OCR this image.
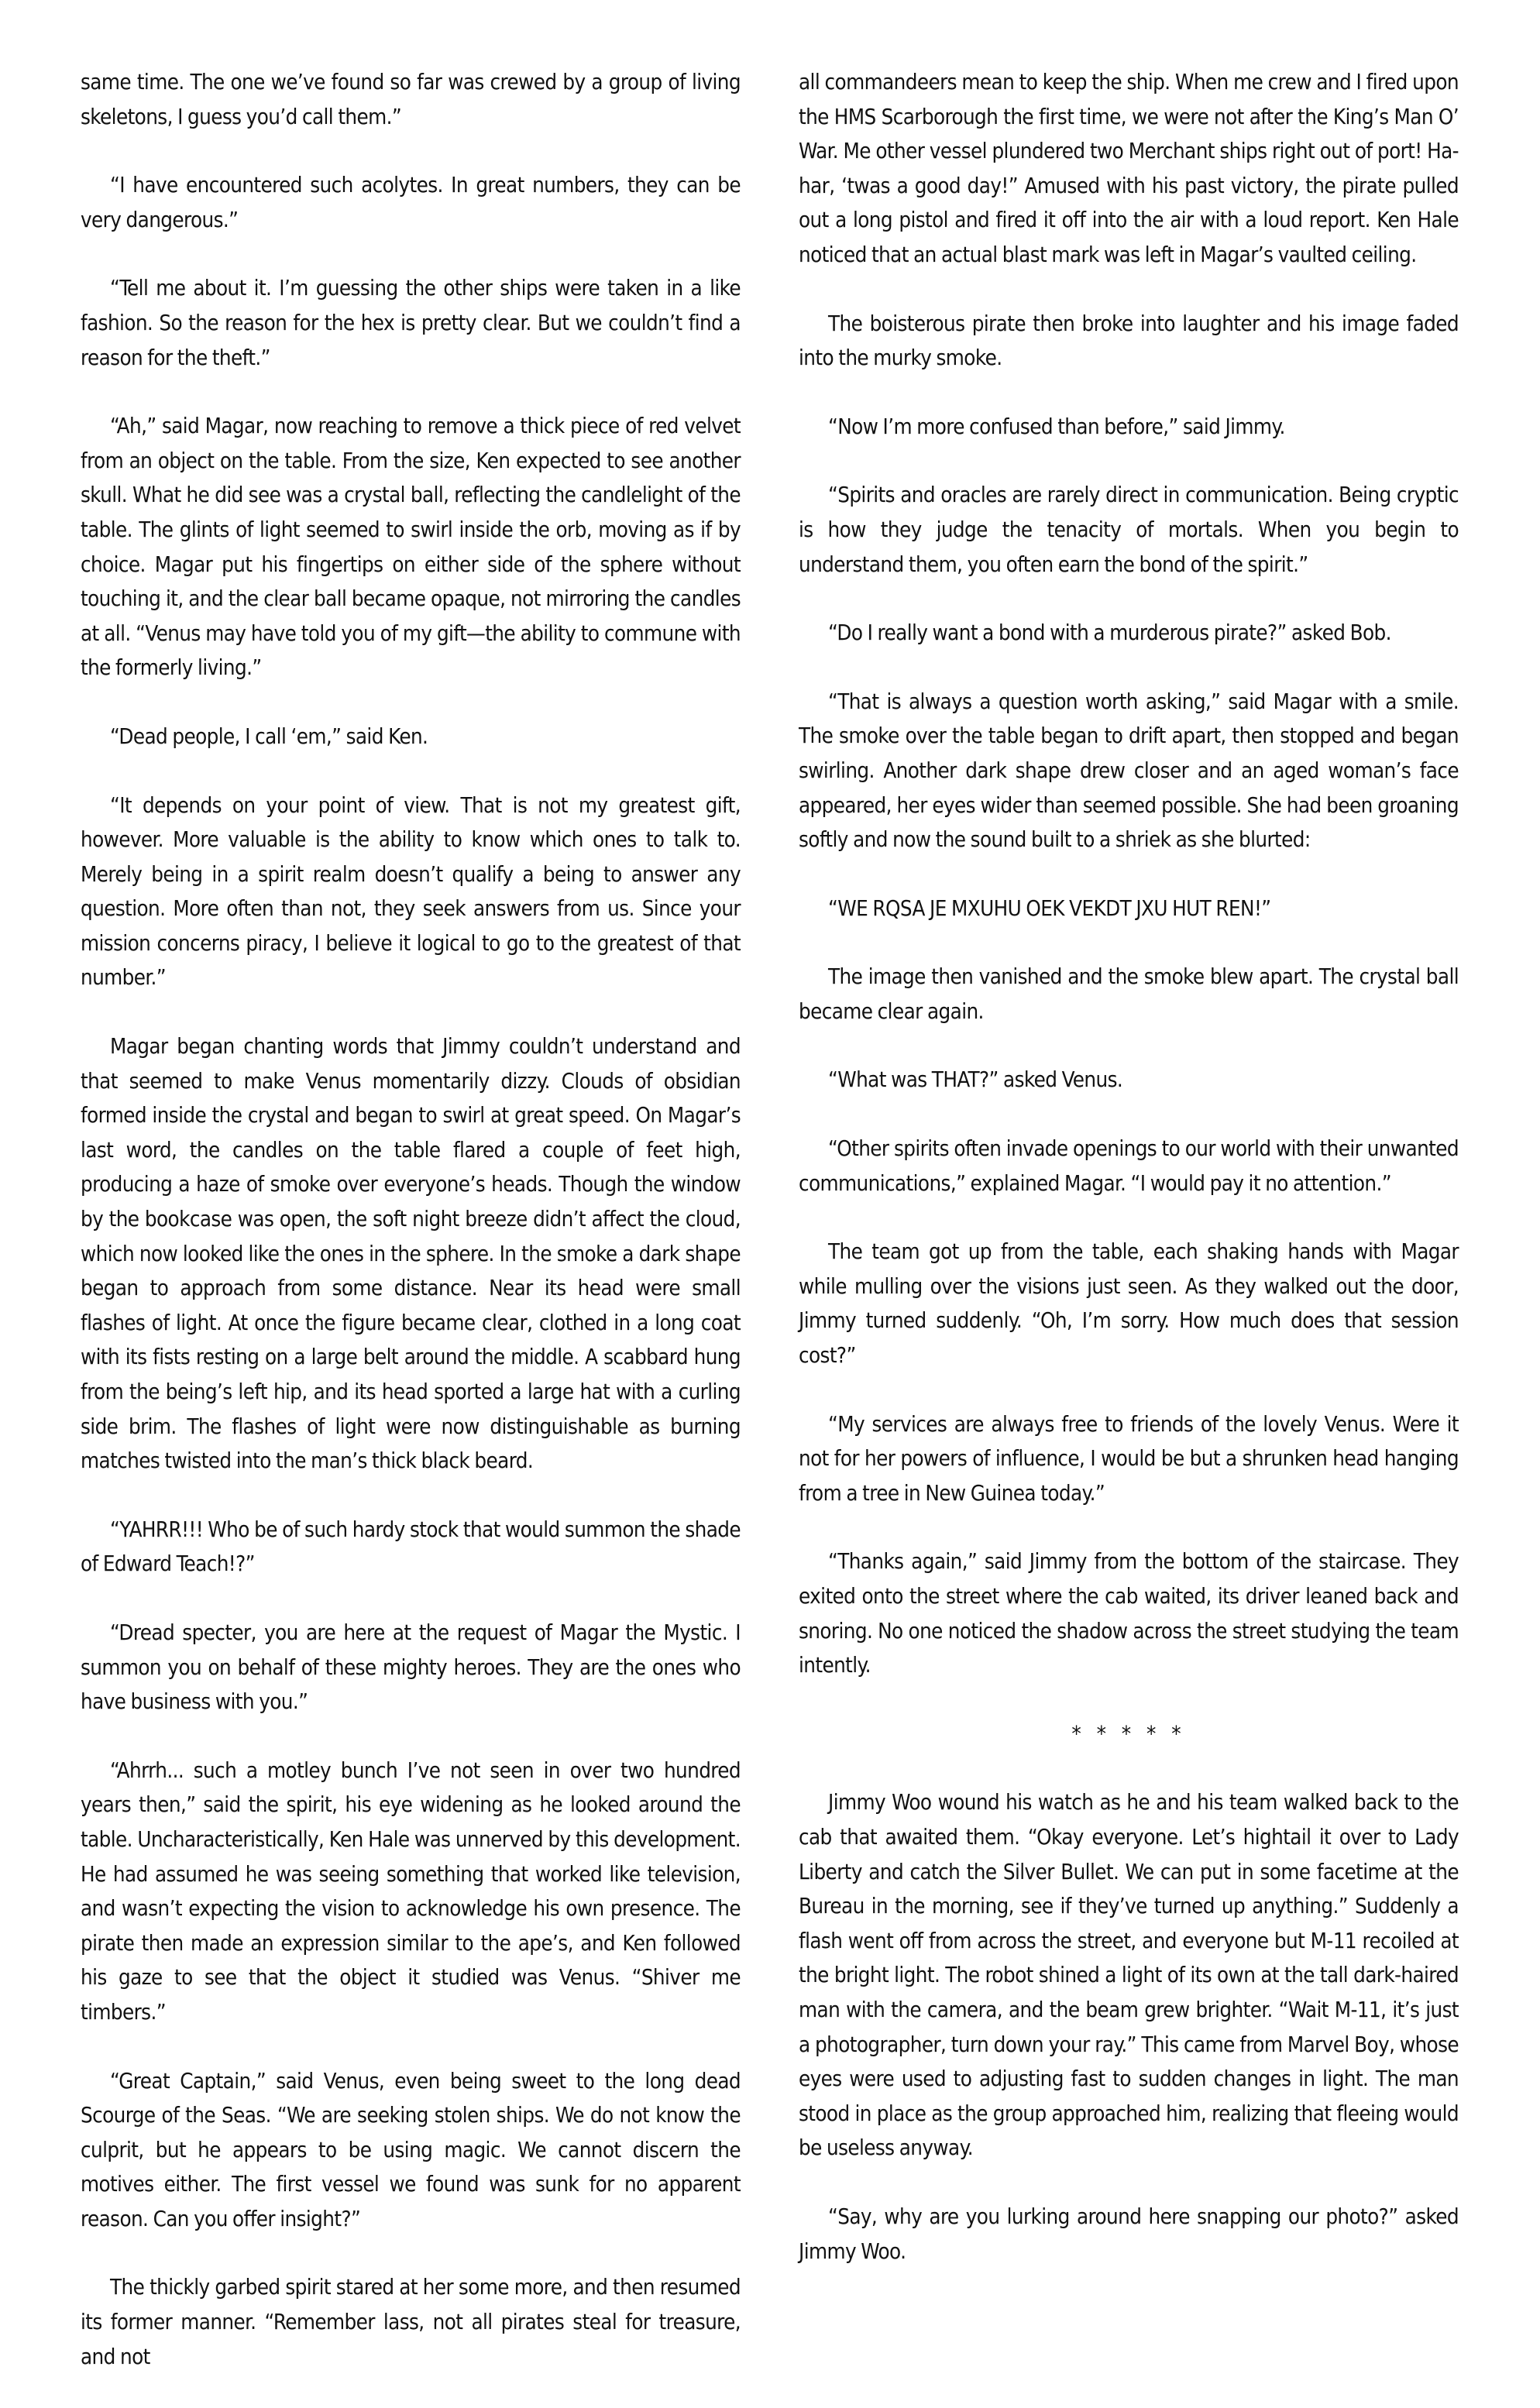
same time. The one we’ve found so far was crewed by a group of living skeletons, I guess you’d call them.”

“I have encountered such acolytes. In great numbers, they can be very dangerous.”

“Tell me about it. I’m guessing the other ships were taken in a like fashion. So the reason for the hex is pretty clear. But we couldn’t find a reason for the theft.”

“Ah,” said Magar, now reaching to remove a thick piece of red velvet from an object on the table. From the size, Ken expected to see another skull. What he did see was a crystal ball, reflecting the candlelight of the table. The glints of light seemed to swirl inside the orb, moving as if by choice. Magar put his fingertips on either side of the sphere without touching it, and the clear ball became opaque, not mirroring the candles at all. “Venus may have told you of my gift—the ability to commune with the formerly living.”

“Dead people, I call ‘em,” said Ken.

“It depends on your point of view. That is not my greatest gift, however. More valuable is the ability to know which ones to talk to. Merely being in a spirit realm doesn’t qualify a being to answer any question. More often than not, they seek answers from us. Since your mission concerns piracy, I believe it logical to go to the greatest of that number.”

Magar began chanting words that Jimmy couldn’t understand and that seemed to make Venus momentarily dizzy. Clouds of obsidian formed inside the crystal and began to swirl at great speed. On Magar’s last word, the candles on the table flared a couple of feet high, producing a haze of smoke over everyone’s heads. Though the window by the bookcase was open, the soft night breeze didn’t affect the cloud, which now looked like the ones in the sphere. In the smoke a dark shape began to approach from some distance. Near its head were small flashes of light. At once the figure became clear, clothed in a long coat with its fists resting on a large belt around the middle. A scabbard hung from the being’s left hip, and its head sported a large hat with a curling side brim. The flashes of light were now distinguishable as burning matches twisted into the man’s thick black beard.

“YAHRR!!! Who be of such hardy stock that would summon the shade of Edward Teach!?”

“Dread specter, you are here at the request of Magar the Mystic. I summon you on behalf of these mighty heroes. They are the ones who have business with you.”

“Ahrrh... such a motley bunch I’ve not seen in over two hundred years then,” said the spirit, his eye widening as he looked around the table. Uncharacteristically, Ken Hale was unnerved by this development. He had assumed he was seeing something that worked like television, and wasn’t expecting the vision to acknowledge his own presence. The pirate then made an expression similar to the ape’s, and Ken followed his gaze to see that the object it studied was Venus. “Shiver me timbers.”

“Great Captain,” said Venus, even being sweet to the long dead Scourge of the Seas. “We are seeking stolen ships. We do not know the culprit, but he appears to be using magic. We cannot discern the motives either. The first vessel we found was sunk for no apparent reason. Can you offer insight?”

The thickly garbed spirit stared at her some more, and then resumed its former manner. “Remember lass, not all pirates steal for treasure, and not

all commandeers mean to keep the ship. When me crew and I fired upon the HMS Scarborough the first time, we were not after the King’s Man O’ War. Me other vessel plundered two Merchant ships right out of port! Ha-har, ‘twas a good day!” Amused with his past victory, the pirate pulled out a long pistol and fired it off into the air with a loud report. Ken Hale noticed that an actual blast mark was left in Magar’s vaulted ceiling.

The boisterous pirate then broke into laughter and his image faded into the murky smoke.

“Now I’m more confused than before,” said Jimmy.

“Spirits and oracles are rarely direct in communication. Being cryptic is how they judge the tenacity of mortals. When you begin to understand them, you often earn the bond of the spirit.”

“Do I really want a bond with a murderous pirate?” asked Bob.

“That is always a question worth asking,” said Magar with a smile. The smoke over the table began to drift apart, then stopped and began swirling. Another dark shape drew closer and an aged woman’s face appeared, her eyes wider than seemed possible. She had been groaning softly and now the sound built to a shriek as she blurted:

“WE RQSA JE MXUHU OEK VEKDT JXU HUT REN!”

The image then vanished and the smoke blew apart. The crystal ball became clear again.

“What was THAT?” asked Venus.

“Other spirits often invade openings to our world with their unwanted communications,” explained Magar. “I would pay it no attention.”

The team got up from the table, each shaking hands with Magar while mulling over the visions just seen. As they walked out the door, Jimmy turned suddenly. “Oh, I’m sorry. How much does that session cost?”

“My services are always free to friends of the lovely Venus. Were it not for her powers of influence, I would be but a shrunken head hanging from a tree in New Guinea today.”

“Thanks again,” said Jimmy from the bottom of the staircase. They exited onto the street where the cab waited, its driver leaned back and snoring. No one noticed the shadow across the street studying the team intently.

* * * * *

Jimmy Woo wound his watch as he and his team walked back to the cab that awaited them. “Okay everyone. Let’s hightail it over to Lady Liberty and catch the Silver Bullet. We can put in some facetime at the Bureau in the morning, see if they’ve turned up anything.” Suddenly a flash went off from across the street, and everyone but M-11 recoiled at the bright light. The robot shined a light of its own at the tall dark-haired man with the camera, and the beam grew brighter. “Wait M-11, it’s just a photographer, turn down your ray.” This came from Marvel Boy, whose eyes were used to adjusting fast to sudden changes in light. The man stood in place as the group approached him, realizing that fleeing would be useless anyway.

“Say, why are you lurking around here snapping our photo?” asked Jimmy Woo.
